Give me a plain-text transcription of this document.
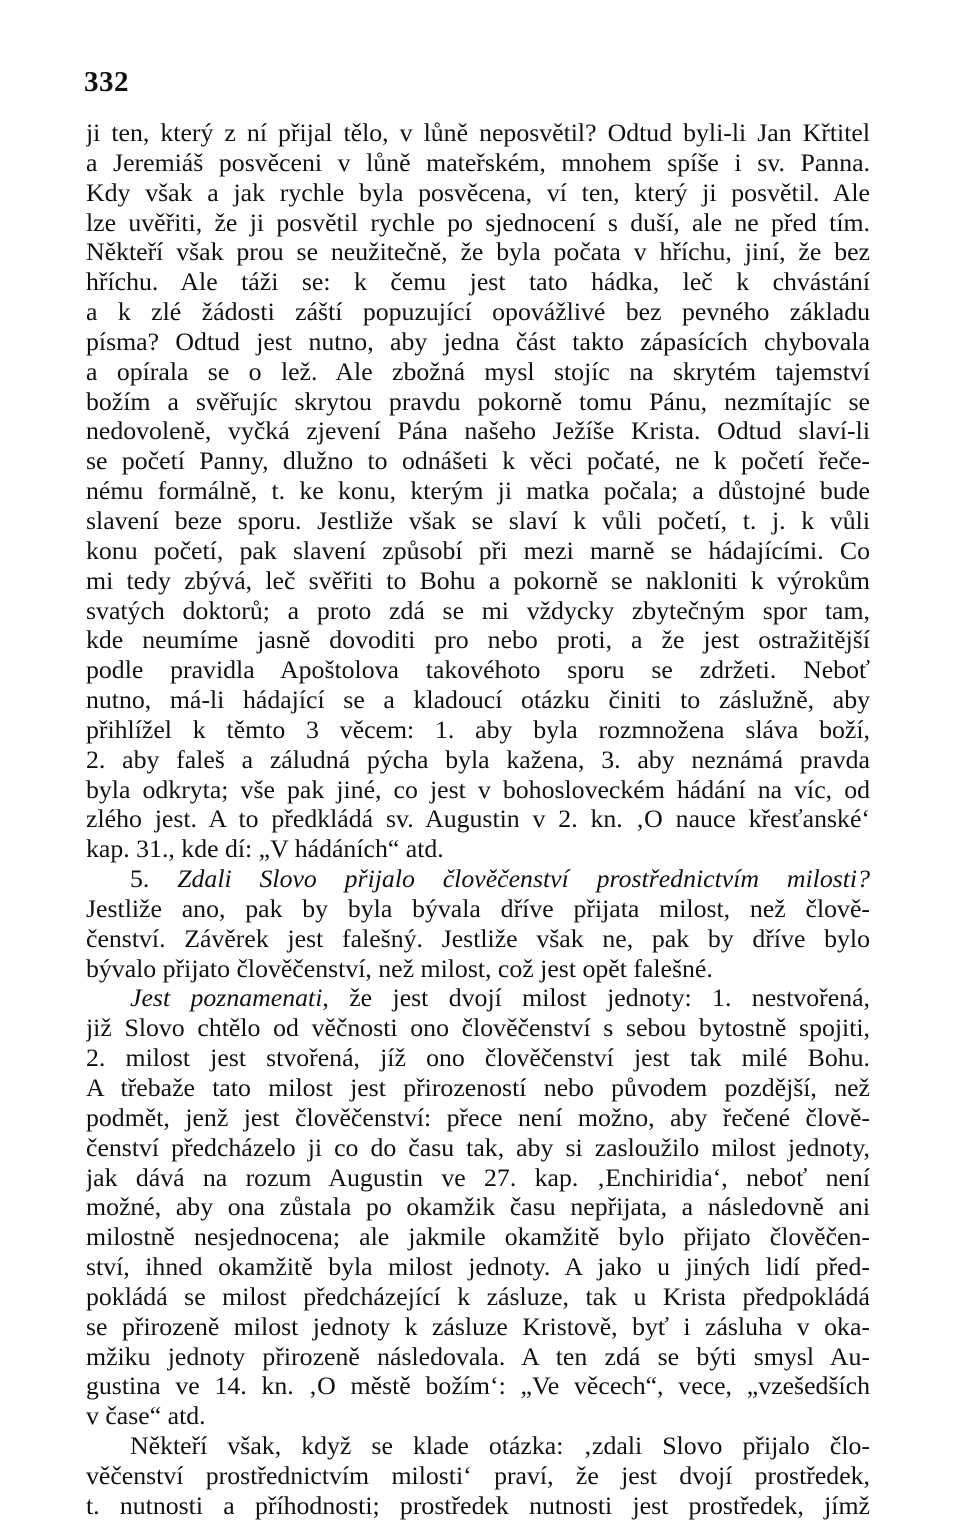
332
ji ten, který z ní přijal tělo, v lůně neposvětil? Odtud byli-li Jan Křtitel
a Jeremiáš posvěceni v lůně mateřském, mnohem spíše i sv. Panna.
Kdy však a jak rychle byla posvěcena, ví ten, který ji posvětil. Ale
lze uvěřiti, že ji posvětil rychle po sjednocení s duší, ale ne před tím.
Někteří však prou se neužitečně, že byla počata v hříchu, jiní, že bez
hříchu. Ale táži se: k čemu jest tato hádka, leč k chvástání
a k zlé žádosti záští popuzující opovážlivé bez pevného základu
písma? Odtud jest nutno, aby jedna část takto zápasících chybovala
a opírala se o lež. Ale zbožná mysl stojíc na skrytém tajemství
božím a svěřujíc skrytou pravdu pokorně tomu Pánu, nezmítajíc se
nedovoleně, vyčká zjevení Pána našeho Ježíše Krista. Odtud slaví-li
se početí Panny, dlužno to odnášeti k věci počaté, ne k početí řeče-
nému formálně, t. ke konu, kterým ji matka počala; a důstojné bude
slavení beze sporu. Jestliže však se slaví k vůli početí, t. j. k vůli
konu početí, pak slavení způsobí při mezi marně se hádajícími. Co
mi tedy zbývá, leč svěřiti to Bohu a pokorně se nakloniti k výrokům
svatých doktorů; a proto zdá se mi vždycky zbytečným spor tam,
kde neumíme jasně dovoditi pro nebo proti, a že jest ostražitější
podle pravidla Apoštolova takovéhoto sporu se zdržeti. Neboť
nutno, má-li hádající se a kladoucí otázku činiti to záslužně, aby
přihlížel k těmto 3 věcem: 1. aby byla rozmnožena sláva boží,
2. aby faleš a záludná pýcha byla kažena, 3. aby neznámá pravda
byla odkryta; vše pak jiné, co jest v bohosloveckém hádání na víc, od
zlého jest. A to předkládá sv. Augustin v 2. kn. ‚O nauce křesťanské‘
kap. 31., kde dí: „V hádáních“ atd.
5. Zdali Slovo přijalo člověčenství prostřednictvím milosti?
Jestliže ano, pak by byla bývala dříve přijata milost, než člově-
čenství. Závěrek jest falešný. Jestliže však ne, pak by dříve bylo
bývalo přijato člověčenství, než milost, což jest opět falešné.
Jest poznamenati, že jest dvojí milost jednoty: 1. nestvořená,
již Slovo chtělo od věčnosti ono člověčenství s sebou bytostně spojiti,
2. milost jest stvořená, jíž ono člověčenství jest tak milé Bohu.
A třebaže tato milost jest přirozeností nebo původem pozdější, než
podmět, jenž jest člověčenství: přece není možno, aby řečené člově-
čenství předcházelo ji co do času tak, aby si zasloužilo milost jednoty,
jak dává na rozum Augustin ve 27. kap. ‚Enchiridia‘, neboť není
možné, aby ona zůstala po okamžik času nepřijata, a následovně ani
milostně nesjednocena; ale jakmile okamžitě bylo přijato člověčen-
ství, ihned okamžitě byla milost jednoty. A jako u jiných lidí před-
pokládá se milost předcházející k zásluze, tak u Krista předpokládá
se přirozeně milost jednoty k zásluze Kristově, byť i zásluha v oka-
mžiku jednoty přirozeně následovala. A ten zdá se býti smysl Au-
gustina ve 14. kn. ‚O městě božím‘: „Ve věcech“, vece, „vzešedších
v čase“ atd.
Někteří však, když se klade otázka: ‚zdali Slovo přijalo člo-
věčenství prostřednictvím milosti‘ praví, že jest dvojí prostředek,
t. nutnosti a příhodnosti; prostředek nutnosti jest prostředek, jímž
